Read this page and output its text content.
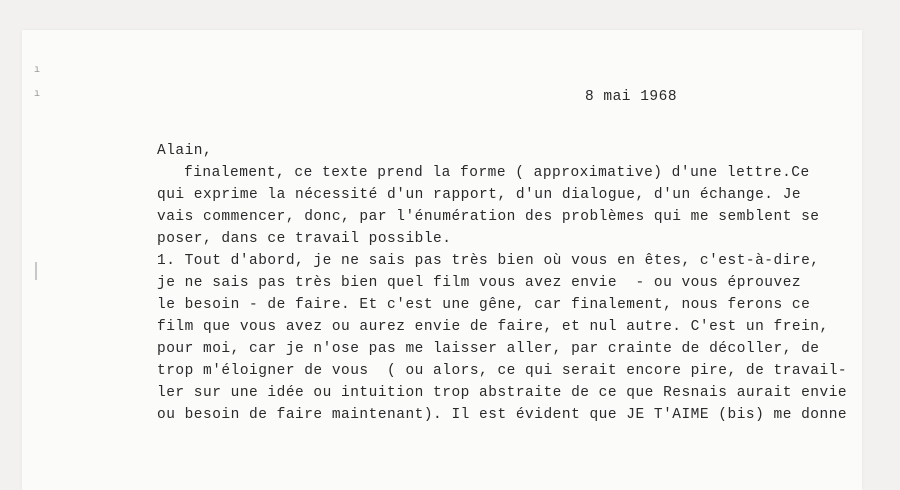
ı
ı	8 mai 1968
Alain,
finalement, ce texte prend la forme ( approximative) d'une lettre.Ce
qui exprime la nécessité d'un rapport, d'un dialogue, d'un échange. Je
vais commencer, donc, par l'énumération des problèmes qui me semblent se
poser, dans ce travail possible.
1. Tout d'abord, je ne sais pas très bien où vous en êtes, c'est-à-dire,
je ne sais pas très bien quel film vous avez envie  - ou vous éprouvez
le besoin - de faire. Et c'est une gêne, car finalement, nous ferons ce
film que vous avez ou aurez envie de faire, et nul autre. C'est un frein,
pour moi, car je n'ose pas me laisser aller, par crainte de décoller, de
trop m'éloigner de vous  ( ou alors, ce qui serait encore pire, de travail-
ler sur une idée ou intuition trop abstraite de ce que Resnais aurait envie
ou besoin de faire maintenant). Il est évident que JE T'AIME (bis) me donne
